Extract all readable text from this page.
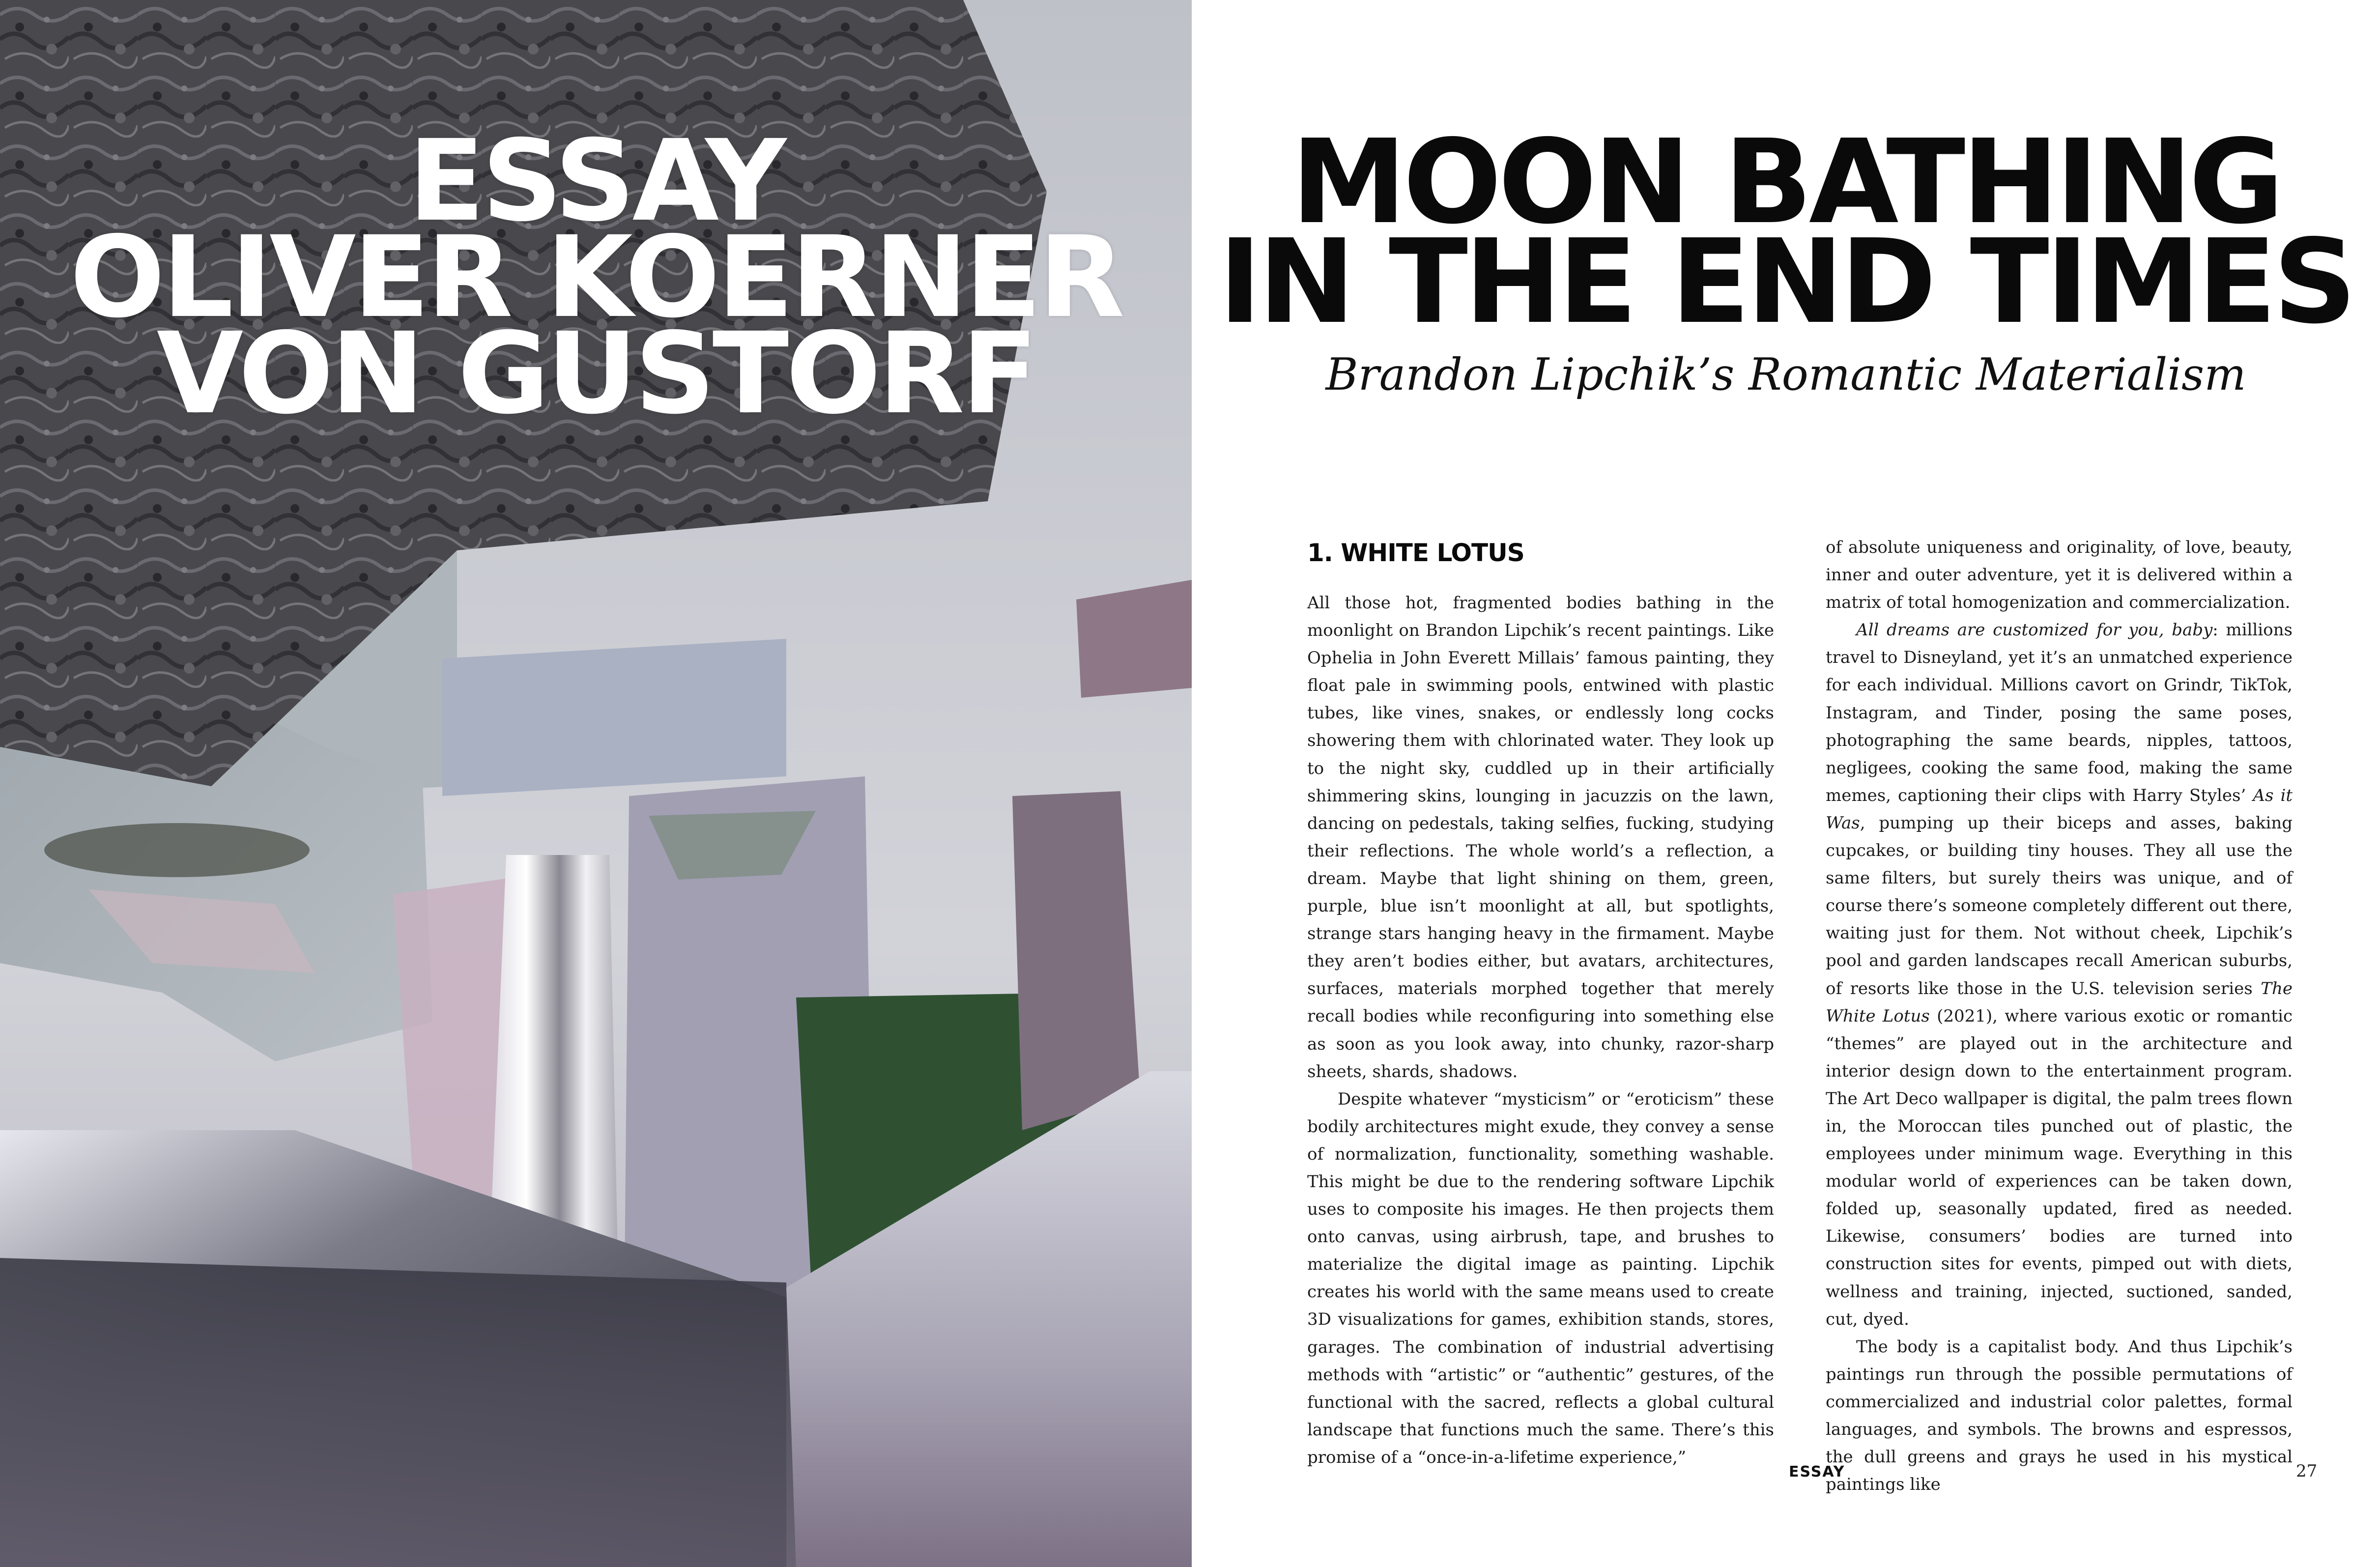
ESSAY
OLIVER KOERNER
VON GUSTORF
MOON BATHING
IN THE END TIMES

Brandon Lipchik’s Romantic Materialism

1. WHITE LOTUS

All those hot, fragmented bodies bathing in the moonlight on Brandon Lipchik’s recent paintings. Like Ophelia in John Everett Millais’ famous painting, they float pale in swimming pools, entwined with plastic tubes, like vines, snakes, or endlessly long cocks showering them with chlorinated water. They look up to the night sky, cuddled up in their artificially shimmering skins, lounging in jacuzzis on the lawn, dancing on pedestals, taking selfies, fucking, studying their reflections. The whole world’s a reflection, a dream. Maybe that light shining on them, green, purple, blue isn’t moonlight at all, but spotlights, strange stars hanging heavy in the firmament. Maybe they aren’t bodies either, but avatars, architectures, surfaces, materials morphed together that merely recall bodies while reconfiguring into something else as soon as you look away, into chunky, razor-sharp sheets, shards, shadows.

Despite whatever “mysticism” or “eroticism” these bodily architectures might exude, they convey a sense of normalization, functionality, something washable. This might be due to the rendering software Lipchik uses to composite his images. He then projects them onto canvas, using airbrush, tape, and brushes to materialize the digital image as painting. Lipchik creates his world with the same means used to create 3D visualizations for games, exhibition stands, stores, garages. The combination of industrial advertising methods with “artistic” or “authentic” gestures, of the functional with the sacred, reflects a global cultural landscape that functions much the same. There’s this promise of a “once-in-a-lifetime experience,”

of absolute uniqueness and originality, of love, beauty, inner and outer adventure, yet it is delivered within a matrix of total homogenization and commercialization.

All dreams are customized for you, baby: millions travel to Disneyland, yet it’s an unmatched experience for each individual. Millions cavort on Grindr, TikTok, Instagram, and Tinder, posing the same poses, photographing the same beards, nipples, tattoos, negligees, cooking the same food, making the same memes, captioning their clips with Harry Styles’ As it Was, pumping up their biceps and asses, baking cupcakes, or building tiny houses. They all use the same filters, but surely theirs was unique, and of course there’s someone completely different out there, waiting just for them. Not without cheek, Lipchik’s pool and garden landscapes recall American suburbs, of resorts like those in the U.S. television series The White Lotus (2021), where various exotic or romantic “themes” are played out in the architecture and interior design down to the entertainment program. The Art Deco wallpaper is digital, the palm trees flown in, the Moroccan tiles punched out of plastic, the employees under minimum wage. Everything in this modular world of experiences can be taken down, folded up, seasonally updated, fired as needed. Likewise, consumers’ bodies are turned into construction sites for events, pimped out with diets, wellness and training, injected, suctioned, sanded, cut, dyed.

The body is a capitalist body. And thus Lipchik’s paintings run through the possible permutations of commercialized and industrial color palettes, formal languages, and symbols. The browns and espressos, the dull greens and grays he used in his mystical paintings like

ESSAY	27
